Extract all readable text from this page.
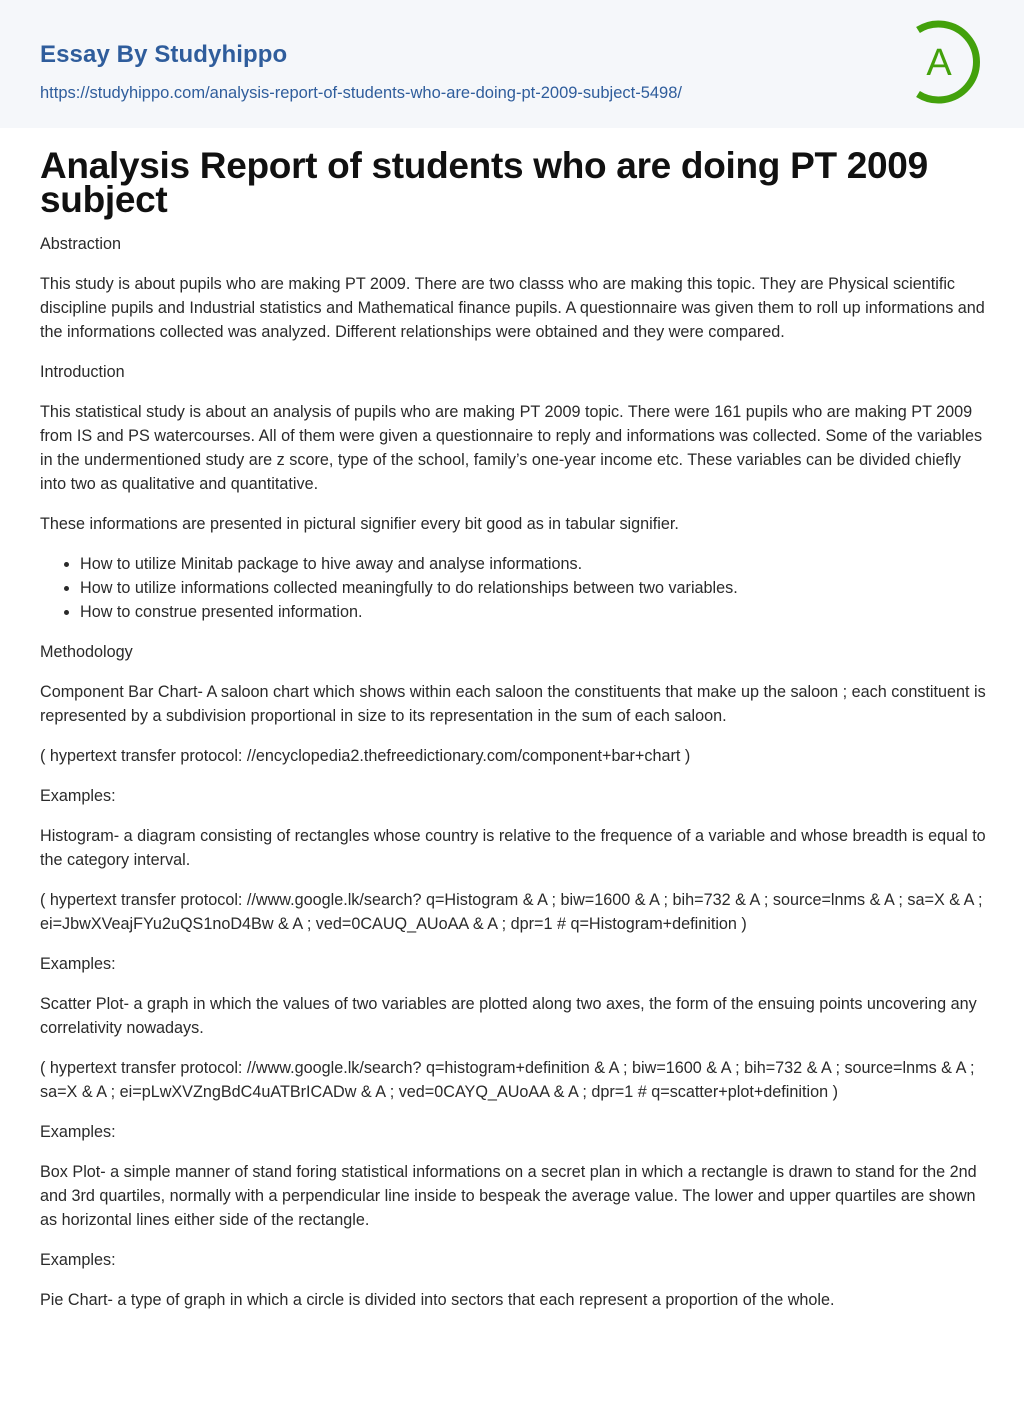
Essay By Studyhippo
https://studyhippo.com/analysis-report-of-students-who-are-doing-pt-2009-subject-5498/
A
Analysis Report of students who are doing PT 2009 subject

Abstraction

This study is about pupils who are making PT 2009. There are two classs who are making this topic. They are Physical scientific discipline pupils and Industrial statistics and Mathematical finance pupils. A questionnaire was given them to roll up informations and the informations collected was analyzed. Different relationships were obtained and they were compared.

Introduction

This statistical study is about an analysis of pupils who are making PT 2009 topic. There were 161 pupils who are making PT 2009 from IS and PS watercourses. All of them were given a questionnaire to reply and informations was collected. Some of the variables in the undermentioned study are z score, type of the school, family’s one-year income etc. These variables can be divided chiefly into two as qualitative and quantitative.

These informations are presented in pictural signifier every bit good as in tabular signifier.

• How to utilize Minitab package to hive away and analyse informations.
• How to utilize informations collected meaningfully to do relationships between two variables.
• How to construe presented information.

Methodology

Component Bar Chart- A saloon chart which shows within each saloon the constituents that make up the saloon ; each constituent is represented by a subdivision proportional in size to its representation in the sum of each saloon.

( hypertext transfer protocol: //encyclopedia2.thefreedictionary.com/component+bar+chart )

Examples:

Histogram- a diagram consisting of rectangles whose country is relative to the frequence of a variable and whose breadth is equal to the category interval.

( hypertext transfer protocol: //www.google.lk/search? q=Histogram & A ; biw=1600 & A ; bih=732 & A ; source=lnms & A ; sa=X & A ; ei=JbwXVeajFYu2uQS1noD4Bw & A ; ved=0CAUQ_AUoAA & A ; dpr=1 # q=Histogram+definition )

Examples:

Scatter Plot- a graph in which the values of two variables are plotted along two axes, the form of the ensuing points uncovering any correlativity nowadays.

( hypertext transfer protocol: //www.google.lk/search? q=histogram+definition & A ; biw=1600 & A ; bih=732 & A ; source=lnms & A ; sa=X & A ; ei=pLwXVZngBdC4uATBrICADw & A ; ved=0CAYQ_AUoAA & A ; dpr=1 # q=scatter+plot+definition )

Examples:

Box Plot- a simple manner of stand foring statistical informations on a secret plan in which a rectangle is drawn to stand for the 2nd and 3rd quartiles, normally with a perpendicular line inside to bespeak the average value. The lower and upper quartiles are shown as horizontal lines either side of the rectangle.

Examples:

Pie Chart- a type of graph in which a circle is divided into sectors that each represent a proportion of the whole.
